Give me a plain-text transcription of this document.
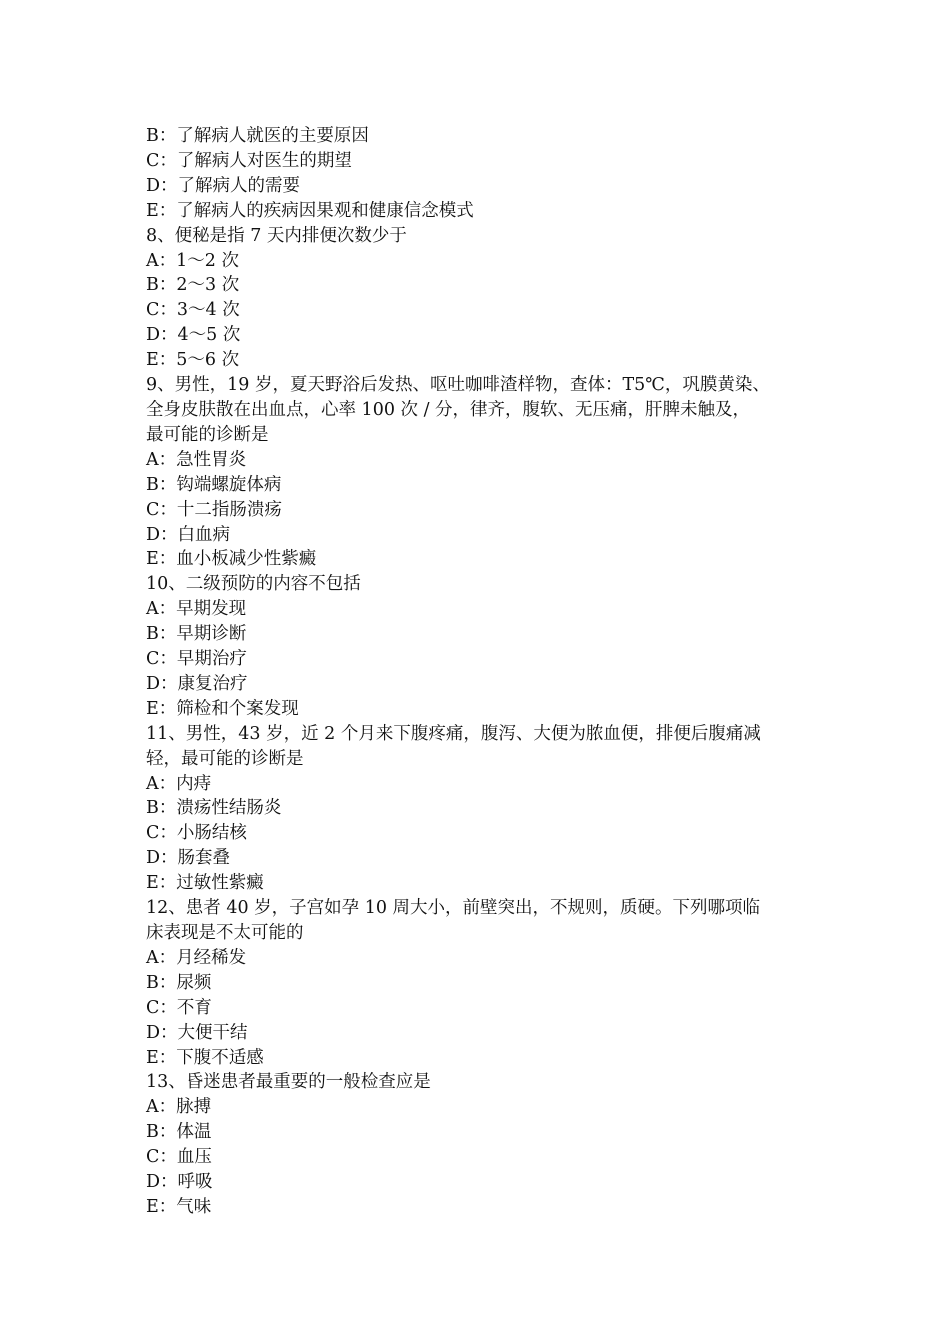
B：了解病人就医的主要原因

C：了解病人对医生的期望

D：了解病人的需要

E：了解病人的疾病因果观和健康信念模式

8、便秘是指 7 天内排便次数少于

A：1～2 次

B：2～3 次

C：3～4 次

D：4～5 次

E：5～6 次

9、男性，19 岁，夏天野浴后发热、呕吐咖啡渣样物，查体：T5℃，巩膜黄染、

全身皮肤散在出血点，心率 100 次 / 分，律齐，腹软、无压痛，肝脾未触及，

最可能的诊断是

A：急性胃炎

B：钩端螺旋体病

C：十二指肠溃疡

D：白血病

E：血小板减少性紫癜

10、二级预防的内容不包括

A：早期发现

B：早期诊断

C：早期治疗

D：康复治疗

E：筛检和个案发现

11、男性，43 岁，近 2 个月来下腹疼痛，腹泻、大便为脓血便，排便后腹痛减

轻，最可能的诊断是

A：内痔

B：溃疡性结肠炎

C：小肠结核

D：肠套叠

E：过敏性紫癜

12、患者 40 岁，子宫如孕 10 周大小，前壁突出，不规则，质硬。下列哪项临

床表现是不太可能的

A：月经稀发

B：尿频

C：不育

D：大便干结

E：下腹不适感

13、昏迷患者最重要的一般检查应是

A：脉搏

B：体温

C：血压

D：呼吸

E：气味
